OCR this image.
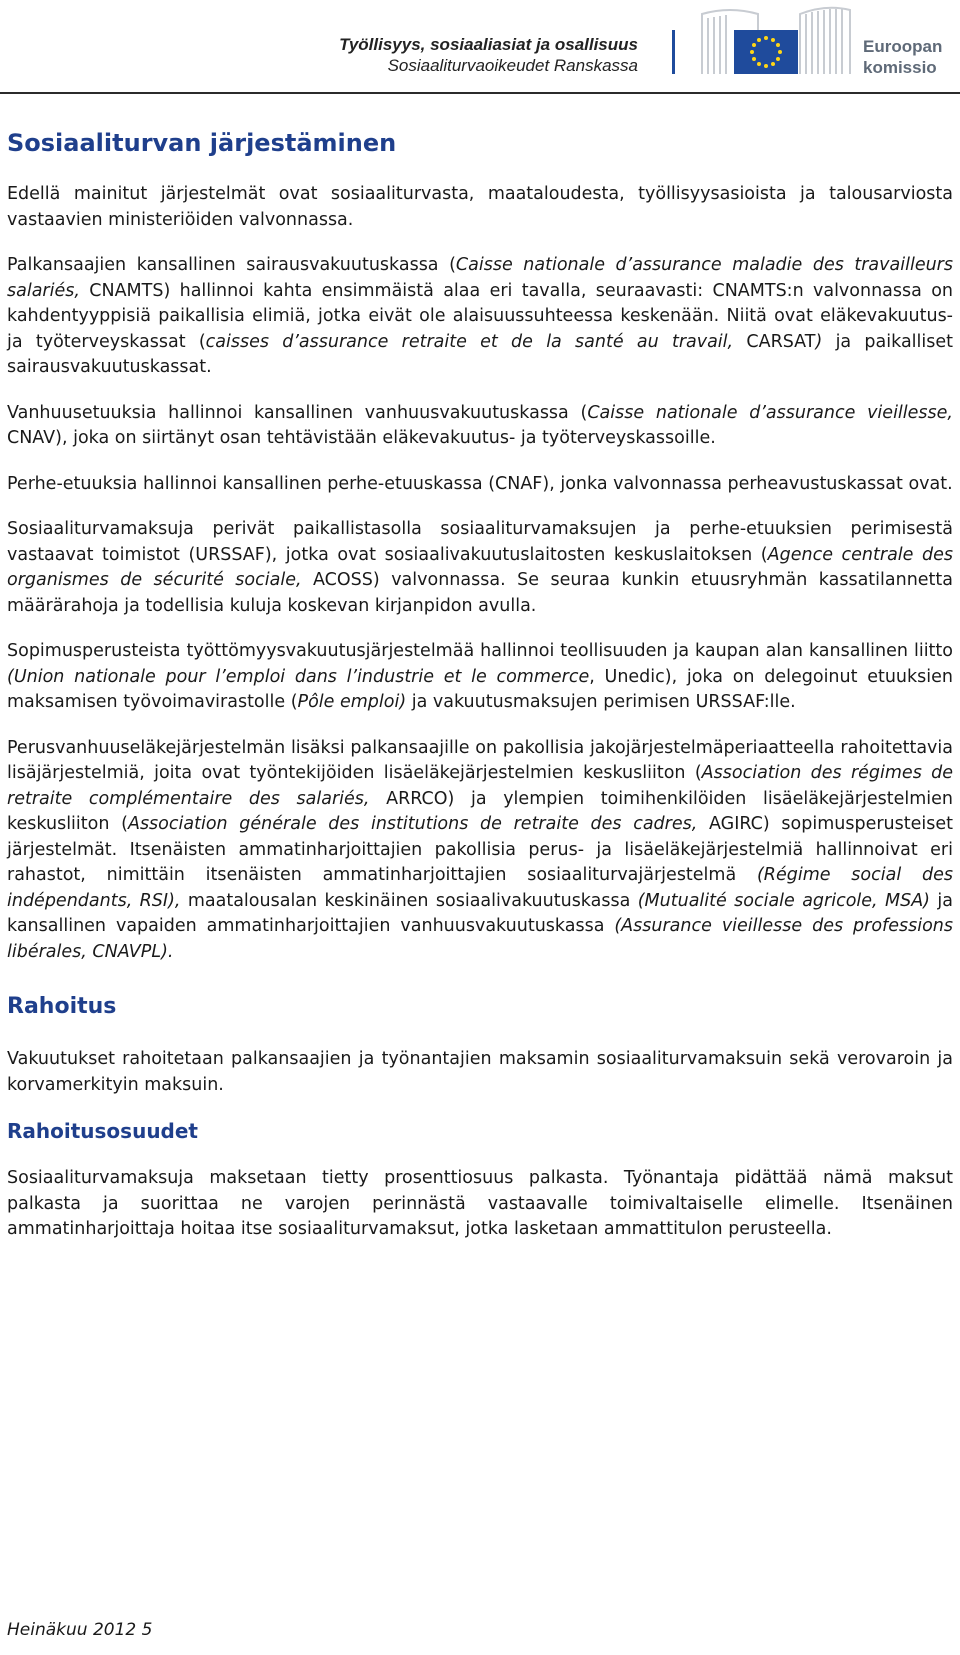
Työllisyys, sosiaaliasiat ja osallisuus
Sosiaaliturvaoikeudet Ranskassa
Euroopan
komissio
Sosiaaliturvan järjestäminen

Edellä mainitut järjestelmät ovat sosiaaliturvasta, maataloudesta, työllisyysasioista ja talousarviosta vastaavien ministeriöiden valvonnassa.

Palkansaajien kansallinen sairausvakuutuskassa (Caisse nationale d’assurance maladie des travailleurs salariés, CNAMTS) hallinnoi kahta ensimmäistä alaa eri tavalla, seuraavasti: CNAMTS:n valvonnassa on kahdentyyppisiä paikallisia elimiä, jotka eivät ole alaisuussuhteessa keskenään. Niitä ovat eläkevakuutus- ja työterveyskassat (caisses d’assurance retraite et de la santé au travail, CARSAT) ja paikalliset sairausvakuutuskassat.

Vanhuusetuuksia hallinnoi kansallinen vanhuusvakuutuskassa (Caisse nationale d’assurance vieillesse, CNAV), joka on siirtänyt osan tehtävistään eläkevakuutus- ja työterveyskassoille.

Perhe-etuuksia hallinnoi kansallinen perhe-etuuskassa (CNAF), jonka valvonnassa perheavustuskassat ovat.

Sosiaaliturvamaksuja perivät paikallistasolla sosiaaliturvamaksujen ja perhe-etuuksien perimisestä vastaavat toimistot (URSSAF), jotka ovat sosiaalivakuutuslaitosten keskuslaitoksen (Agence centrale des organismes de sécurité sociale, ACOSS) valvonnassa. Se seuraa kunkin etuusryhmän kassatilannetta määrärahoja ja todellisia kuluja koskevan kirjanpidon avulla.

Sopimusperusteista työttömyysvakuutusjärjestelmää hallinnoi teollisuuden ja kaupan alan kansallinen liitto (Union nationale pour l’emploi dans l’industrie et le commerce, Unedic), joka on delegoinut etuuksien maksamisen työvoimavirastolle (Pôle emploi) ja vakuutusmaksujen perimisen URSSAF:lle.

Perusvanhuuseläkejärjestelmän lisäksi palkansaajille on pakollisia jakojärjestelmäperiaatteella rahoitettavia lisäjärjestelmiä, joita ovat työntekijöiden lisäeläkejärjestelmien keskusliiton (Association des régimes de retraite complémentaire des salariés, ARRCO) ja ylempien toimihenkilöiden lisäeläkejärjestelmien keskusliiton (Association générale des institutions de retraite des cadres, AGIRC) sopimusperusteiset järjestelmät. Itsenäisten ammatinharjoittajien pakollisia perus- ja lisäeläkejärjestelmiä hallinnoivat eri rahastot, nimittäin itsenäisten ammatinharjoittajien sosiaaliturvajärjestelmä (Régime social des indépendants, RSI), maatalousalan keskinäinen sosiaalivakuutuskassa (Mutualité sociale agricole, MSA) ja kansallinen vapaiden ammatinharjoittajien vanhuusvakuutuskassa (Assurance vieillesse des professions libérales, CNAVPL).

Rahoitus

Vakuutukset rahoitetaan palkansaajien ja työnantajien maksamin sosiaaliturvamaksuin sekä verovaroin ja korvamerkityin maksuin.

Rahoitusosuudet

Sosiaaliturvamaksuja maksetaan tietty prosenttiosuus palkasta. Työnantaja pidättää nämä maksut palkasta ja suorittaa ne varojen perinnästä vastaavalle toimivaltaiselle elimelle. Itsenäinen ammatinharjoittaja hoitaa itse sosiaaliturvamaksut, jotka lasketaan ammattitulon perusteella.

Heinäkuu 2012 5
